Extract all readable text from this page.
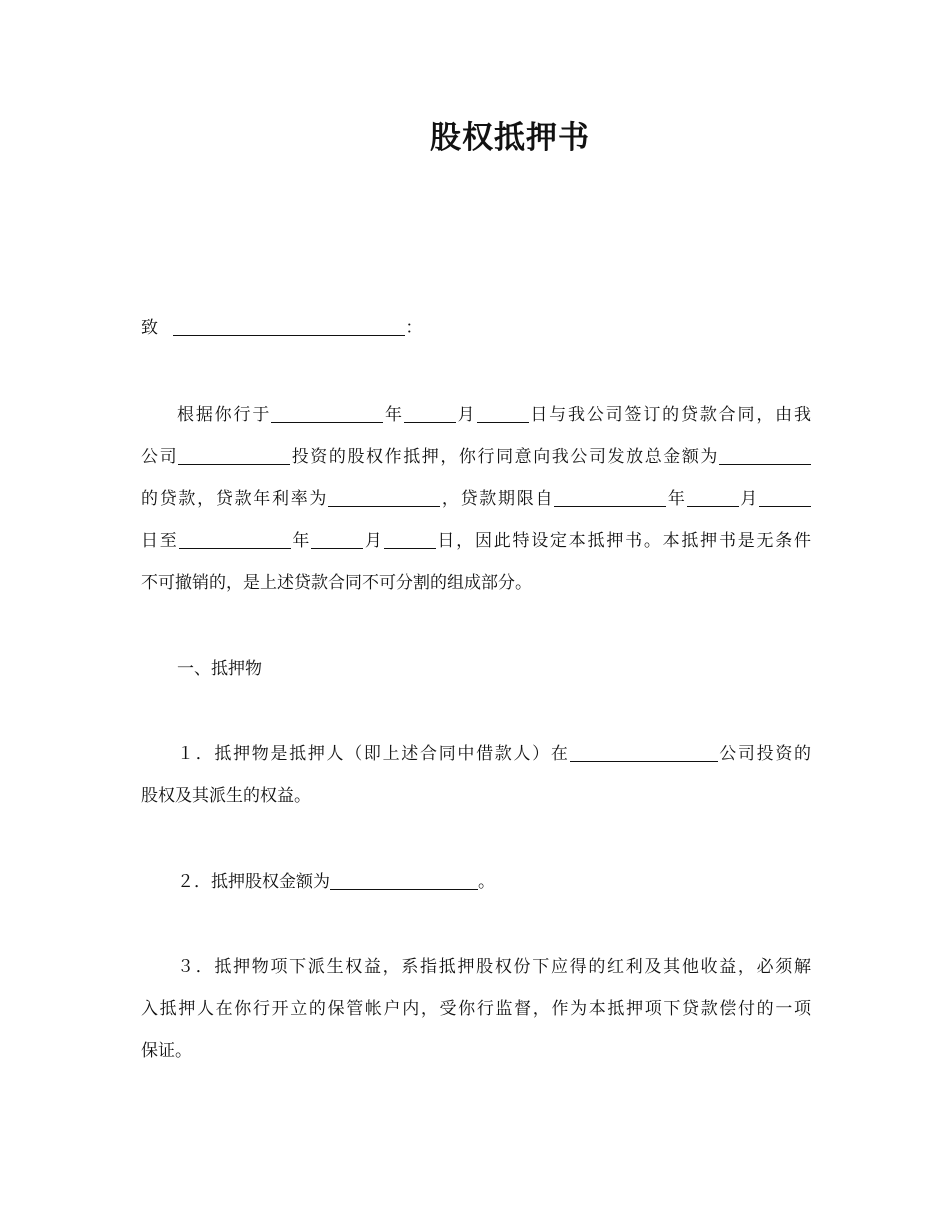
股权抵押书
致	：
根据你行于	年	月	日与我公司签订的贷款合同，由我
公司	投资的股权作抵押，你行同意向我公司发放总金额为
的贷款，贷款年利率为	，贷款期限自	年	月
日至	年	月	日，因此特设定本抵押书。本抵押书是无条件
不可撤销的，是上述贷款合同不可分割的组成部分。
一、抵押物
１．抵押物是抵押人（即上述合同中借款人）在	公司投资的
股权及其派生的权益。
２．抵押股权金额为	。
３．抵押物项下派生权益，系指抵押股权份下应得的红利及其他收益，必须解
入抵押人在你行开立的保管帐户内，受你行监督，作为本抵押项下贷款偿付的一项
保证。
